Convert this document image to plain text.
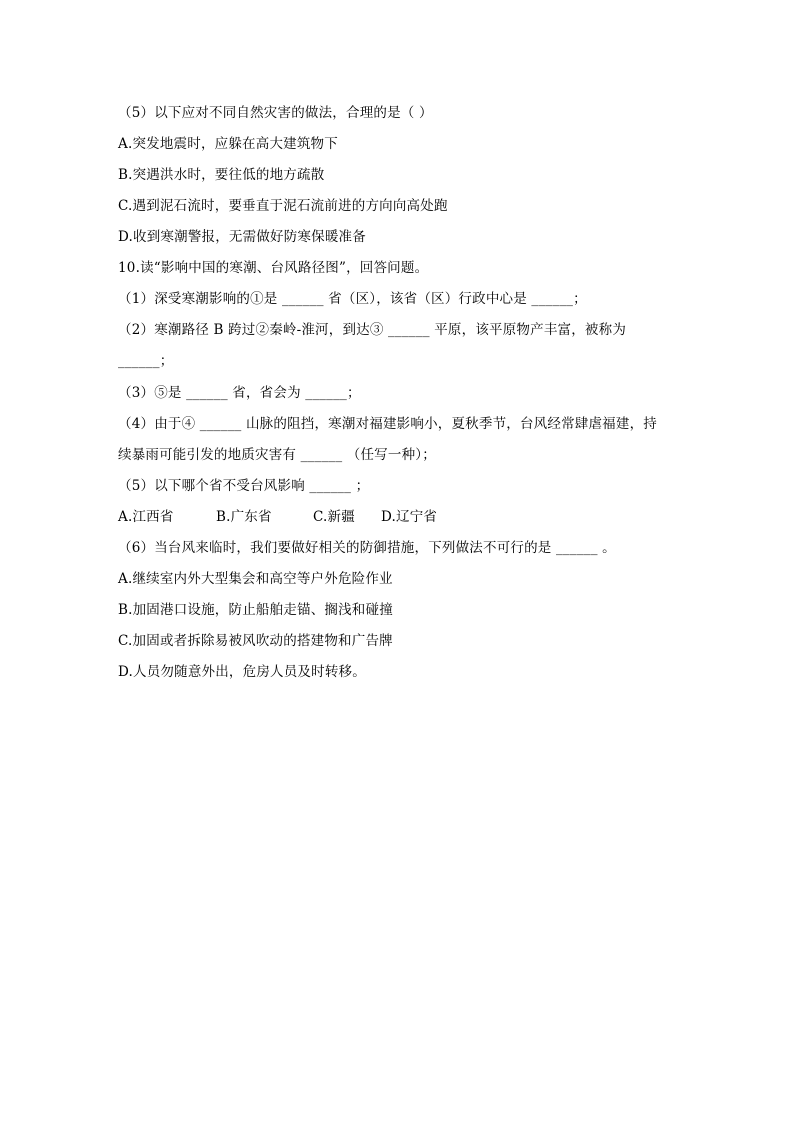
（5）以下应对不同自然灾害的做法，合理的是（ ）
A.突发地震时，应躲在高大建筑物下
B.突遇洪水时，要往低的地方疏散
C.遇到泥石流时，要垂直于泥石流前进的方向向高处跑
D.收到寒潮警报，无需做好防寒保暖准备
10.读“影响中国的寒潮、台风路径图”，回答问题。
（1）深受寒潮影响的①是 ______ 省（区），该省（区）行政中心是 ______；
（2）寒潮路径 B 跨过②秦岭-淮河，到达③ ______ 平原，该平原物产丰富，被称为
______；
（3）⑤是 ______ 省，省会为 ______；
（4）由于④ ______ 山脉的阻挡，寒潮对福建影响小，夏秋季节，台风经常肆虐福建，持
续暴雨可能引发的地质灾害有 ______ （任写一种）；
（5）以下哪个省不受台风影响 ______ ；
A.江西省	B.广东省	C.新疆 D.辽宁省
（6）当台风来临时，我们要做好相关的防御措施，下列做法不可行的是 ______ 。
A.继续室内外大型集会和高空等户外危险作业
B.加固港口设施，防止船舶走锚、搁浅和碰撞
C.加固或者拆除易被风吹动的搭建物和广告牌
D.人员勿随意外出，危房人员及时转移。
